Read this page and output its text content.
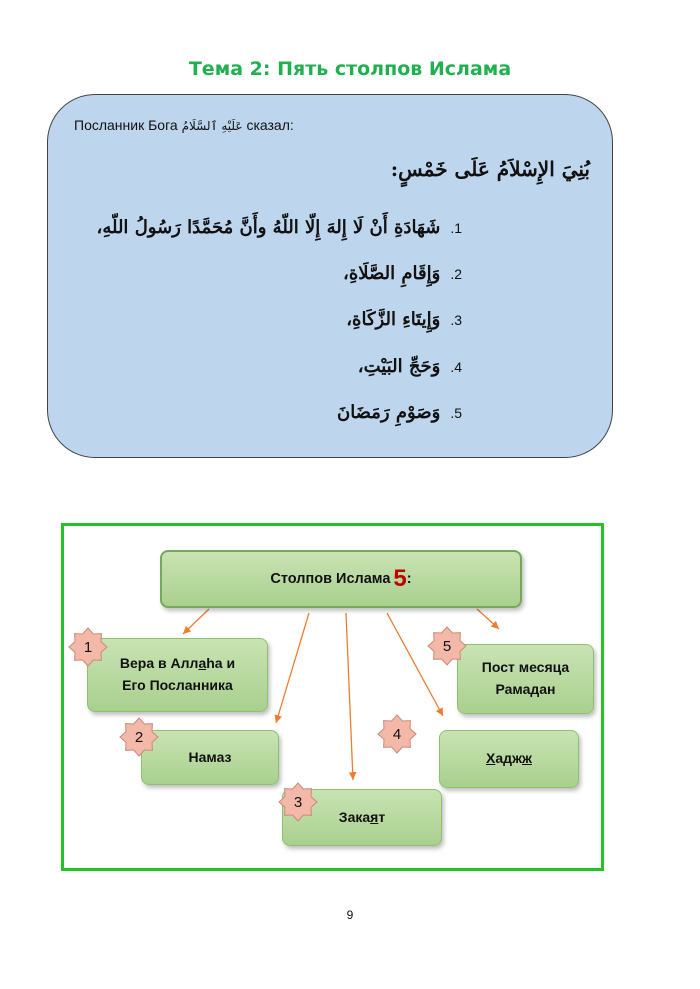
Тема 2: Пять столпов Ислама
Посланник Бога عَلَيْهِ ٱلسَّلَامُ сказал:
بُنِيَ الإِسْلاَمُ عَلَى خَمْسٍ:
1.شَهَادَةِ أَنْ لَا إِلهَ إِلّا اللّهُ وأَنَّ مُحَمَّدًا رَسُولُ اللّهِ،
2.وَإِقَامِ الصَّلَاةِ،
3.وَإِيتَاءِ الزَّكَاةِ،
4.وَحَجِّ البَيْتِ،
5.وَصَوْمِ رَمَضَانَ
Столпов Ислама 5 :
Вера в Аллаhа и
Его Посланника
Намаз
Зака я т
Х адж ж
Пост месяца
Рамадан
1
2
3
4
5
9
